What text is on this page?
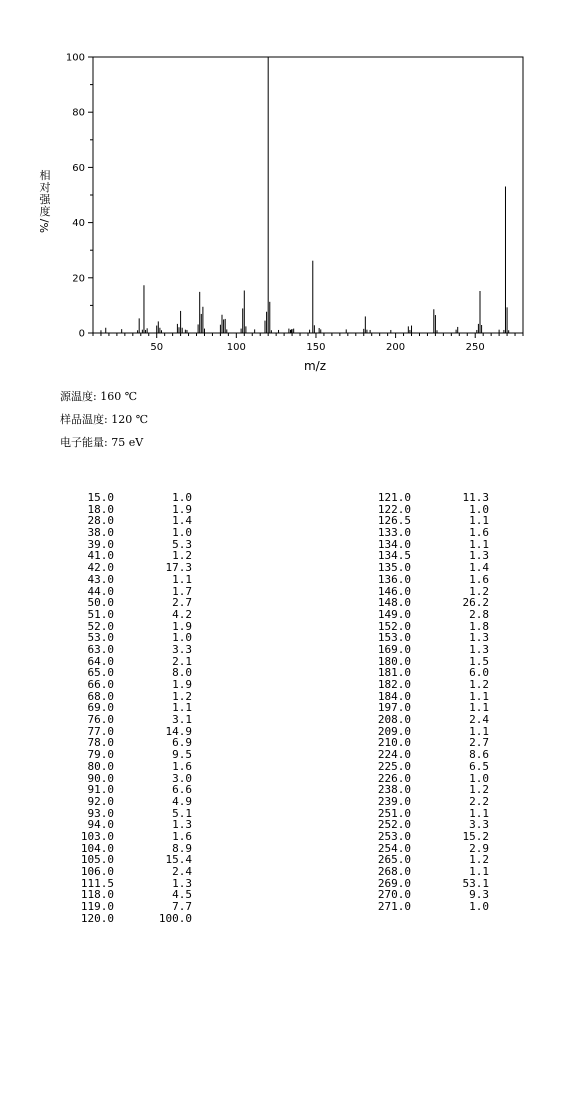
0
20
40
60
80
100
50	100	150	200	250
m/z
相
对
强
度
%/
源温度: 160 ℃
样品温度: 120 ℃
电子能量: 75 eV
15.0	1.0
18.0	1.9
28.0	1.4
38.0	1.0
39.0	5.3
41.0	1.2
42.0	17.3
43.0	1.1
44.0	1.7
50.0	2.7
51.0	4.2
52.0	1.9
53.0	1.0
63.0	3.3
64.0	2.1
65.0	8.0
66.0	1.9
68.0	1.2
69.0	1.1
76.0	3.1
77.0	14.9
78.0	6.9
79.0	9.5
80.0	1.6
90.0	3.0
91.0	6.6
92.0	4.9
93.0	5.1
94.0	1.3
103.0	1.6
104.0	8.9
105.0	15.4
106.0	2.4
111.5	1.3
118.0	4.5
119.0	7.7
120.0	100.0
121.0	11.3
122.0	1.0
126.5	1.1
133.0	1.6
134.0	1.1
134.5	1.3
135.0	1.4
136.0	1.6
146.0	1.2
148.0	26.2
149.0	2.8
152.0	1.8
153.0	1.3
169.0	1.3
180.0	1.5
181.0	6.0
182.0	1.2
184.0	1.1
197.0	1.1
208.0	2.4
209.0	1.1
210.0	2.7
224.0	8.6
225.0	6.5
226.0	1.0
238.0	1.2
239.0	2.2
251.0	1.1
252.0	3.3
253.0	15.2
254.0	2.9
265.0	1.2
268.0	1.1
269.0	53.1
270.0	9.3
271.0	1.0
